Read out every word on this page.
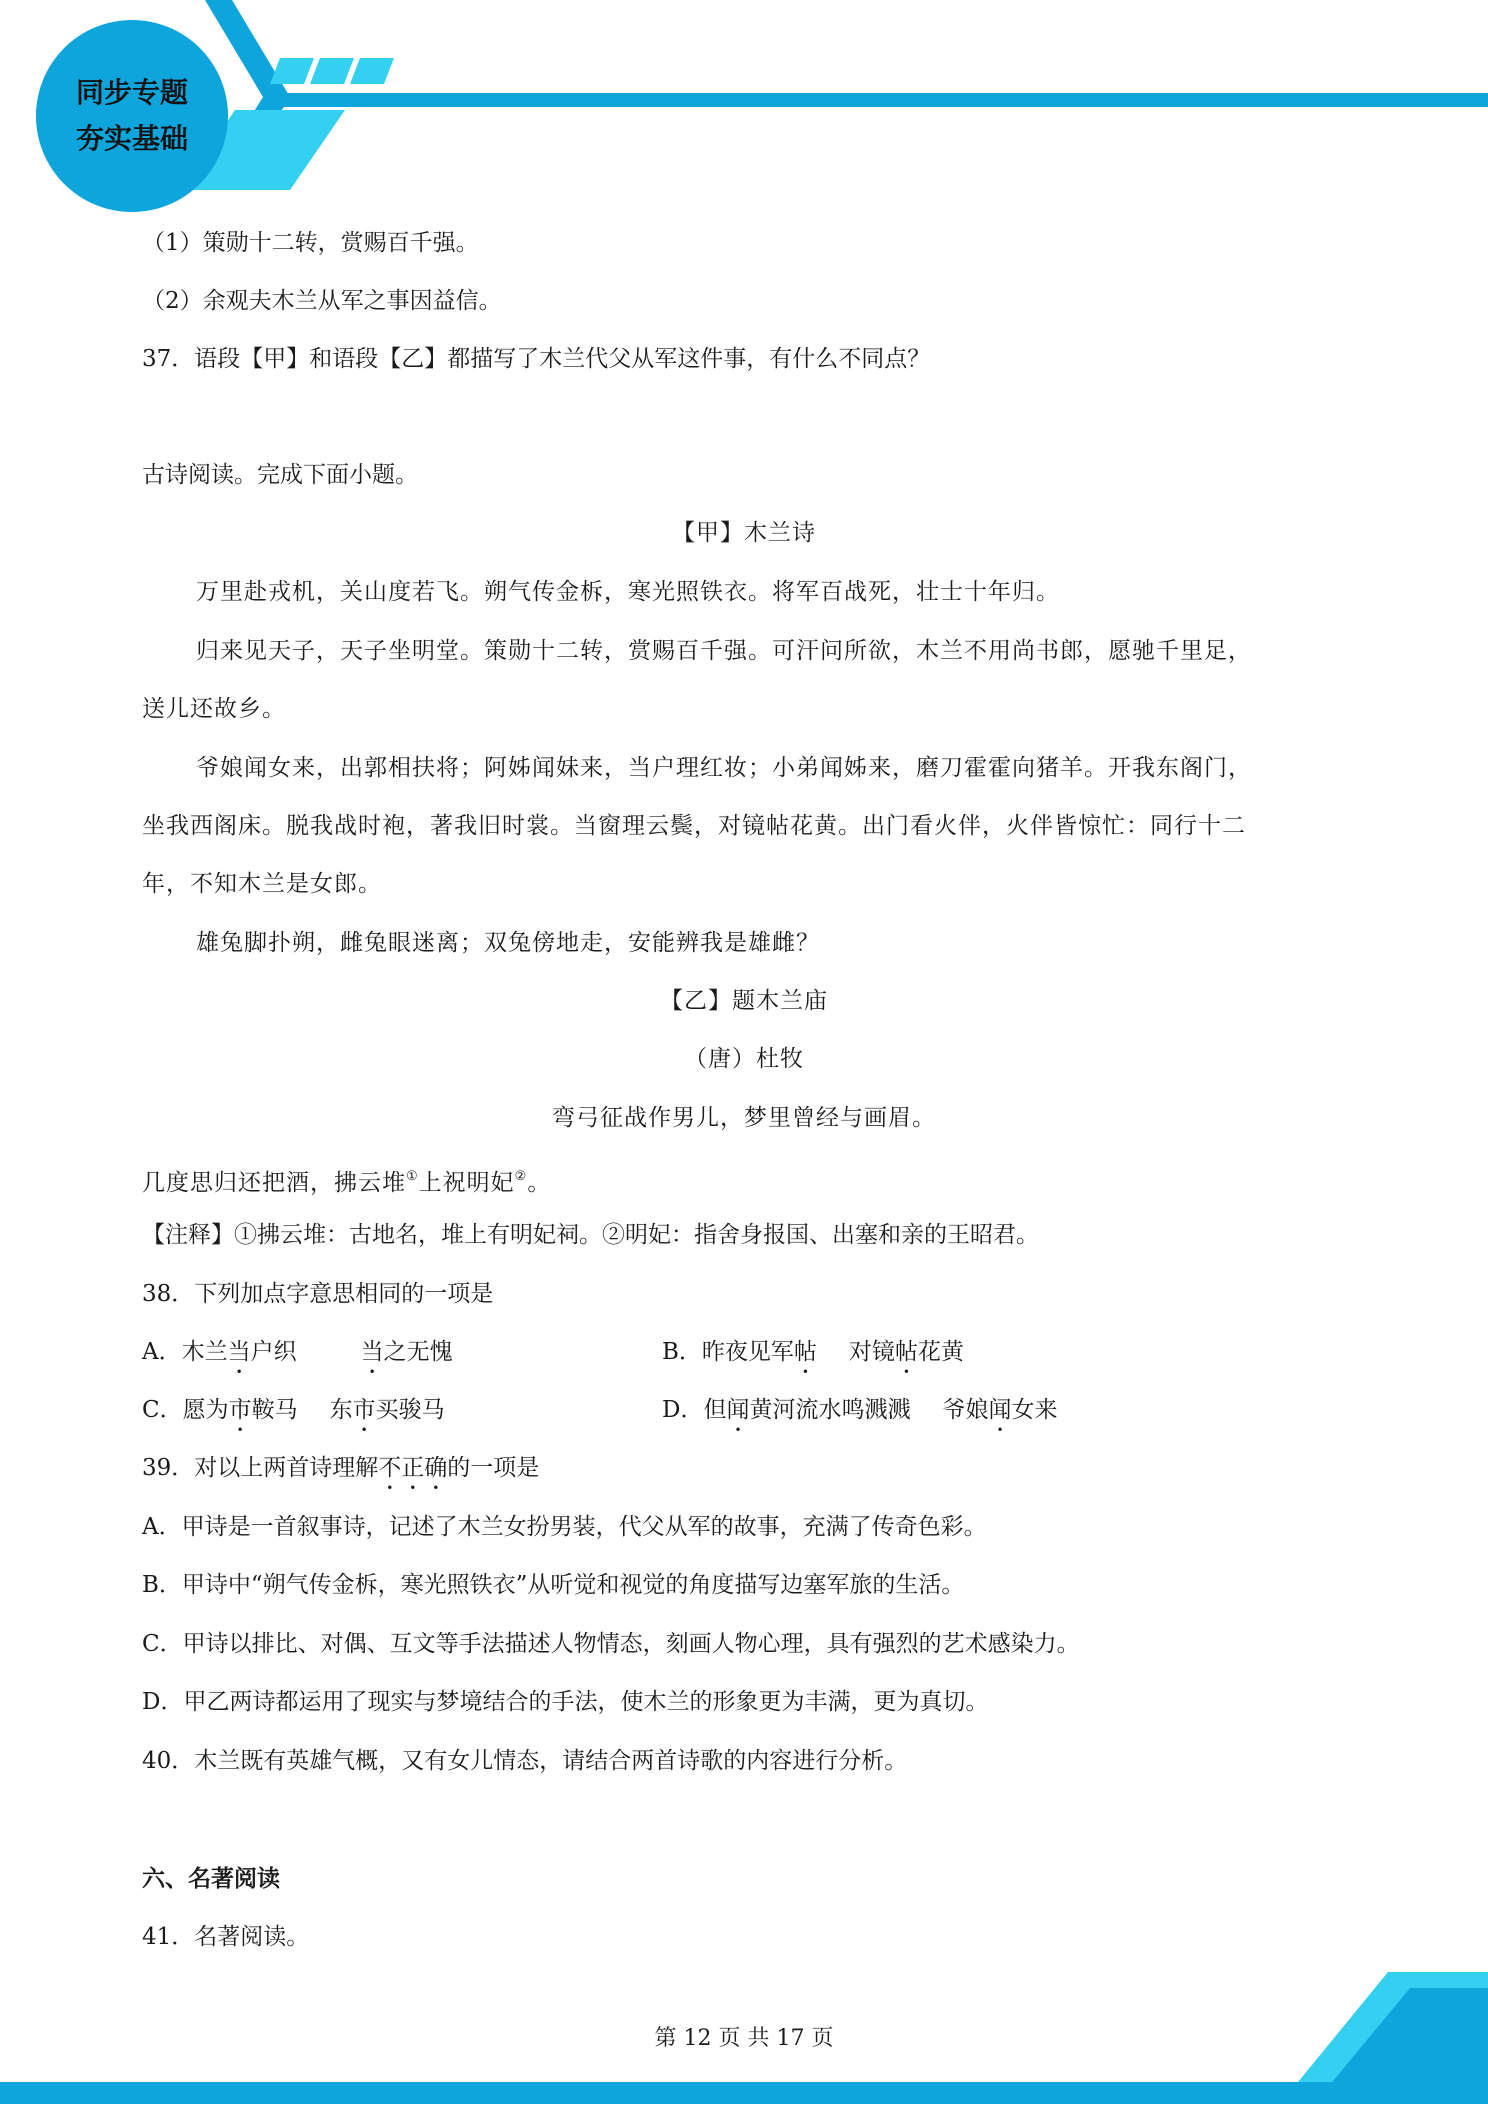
同步专题
夯实基础
（1）策勋十二转，赏赐百千强。
（2）余观夫木兰从军之事因益信。
37．语段【甲】和语段【乙】都描写了木兰代父从军这件事，有什么不同点？
古诗阅读。完成下面小题。
【甲】木兰诗
万里赴戎机，关山度若飞。朔气传金柝，寒光照铁衣。将军百战死，壮士十年归。
归来见天子，天子坐明堂。策勋十二转，赏赐百千强。可汗问所欲，木兰不用尚书郎，愿驰千里足，
送儿还故乡。
爷娘闻女来，出郭相扶将；阿姊闻妹来，当户理红妆；小弟闻姊来，磨刀霍霍向猪羊。开我东阁门，
坐我西阁床。脱我战时袍，著我旧时裳。当窗理云鬓，对镜帖花黄。出门看火伴，火伴皆惊忙：同行十二
年，不知木兰是女郎。
雄兔脚扑朔，雌兔眼迷离；双兔傍地走，安能辨我是雄雌？
【乙】题木兰庙
（唐）杜牧
弯弓征战作男儿，梦里曾经与画眉。
几度思归还把酒，拂云堆①上祝明妃②。
【注释】①拂云堆：古地名，堆上有明妃祠。②明妃：指舍身报国、出塞和亲的王昭君。
38．下列加点字意思相同的一项是
A．木兰当户织	当之无愧	B．昨夜见军帖 对镜帖花黄
C．愿为市鞍马 东市买骏马	D．但闻黄河流水鸣溅溅 爷娘闻女来
39．对以上两首诗理解不正确的一项是
A．甲诗是一首叙事诗，记述了木兰女扮男装，代父从军的故事，充满了传奇色彩。
B．甲诗中“朔气传金柝，寒光照铁衣”从听觉和视觉的角度描写边塞军旅的生活。
C．甲诗以排比、对偶、互文等手法描述人物情态，刻画人物心理，具有强烈的艺术感染力。
D．甲乙两诗都运用了现实与梦境结合的手法，使木兰的形象更为丰满，更为真切。
40．木兰既有英雄气概，又有女儿情态，请结合两首诗歌的内容进行分析。
六、名著阅读
41．名著阅读。
第 12 页 共 17 页
